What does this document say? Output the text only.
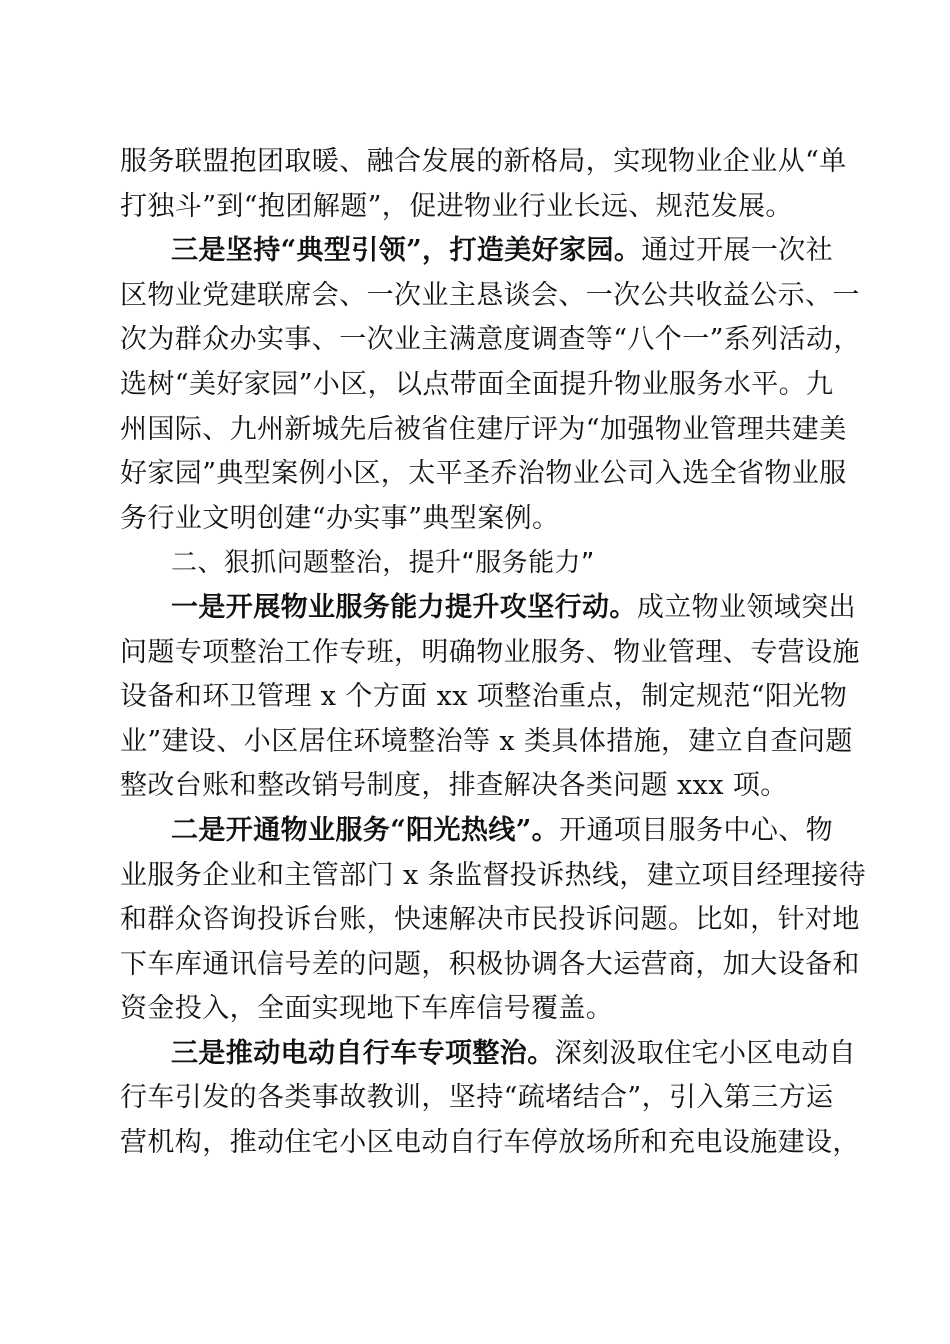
服务联盟抱团取暖、融合发展的新格局，实现物业企业从“单
打独斗”到“抱团解题”，促进物业行业长远、规范发展。
三是坚持“典型引领”，打造美好家园。通过开展一次社
区物业党建联席会、一次业主恳谈会、一次公共收益公示、一
次为群众办实事、一次业主满意度调查等“八个一”系列活动，
选树“美好家园”小区，以点带面全面提升物业服务水平。九
州国际、九州新城先后被省住建厅评为“加强物业管理共建美
好家园”典型案例小区，太平圣乔治物业公司入选全省物业服
务行业文明创建“办实事”典型案例。
二、狠抓问题整治，提升“服务能力”
一是开展物业服务能力提升攻坚行动。成立物业领域突出
问题专项整治工作专班，明确物业服务、物业管理、专营设施
设备和环卫管理 x 个方面 xx 项整治重点，制定规范“阳光物
业”建设、小区居住环境整治等 x 类具体措施，建立自查问题
整改台账和整改销号制度，排查解决各类问题 xxx 项。
二是开通物业服务“阳光热线”。开通项目服务中心、物
业服务企业和主管部门 x 条监督投诉热线，建立项目经理接待
和群众咨询投诉台账，快速解决市民投诉问题。比如，针对地
下车库通讯信号差的问题，积极协调各大运营商，加大设备和
资金投入，全面实现地下车库信号覆盖。
三是推动电动自行车专项整治。深刻汲取住宅小区电动自
行车引发的各类事故教训，坚持“疏堵结合”，引入第三方运
营机构，推动住宅小区电动自行车停放场所和充电设施建设，
